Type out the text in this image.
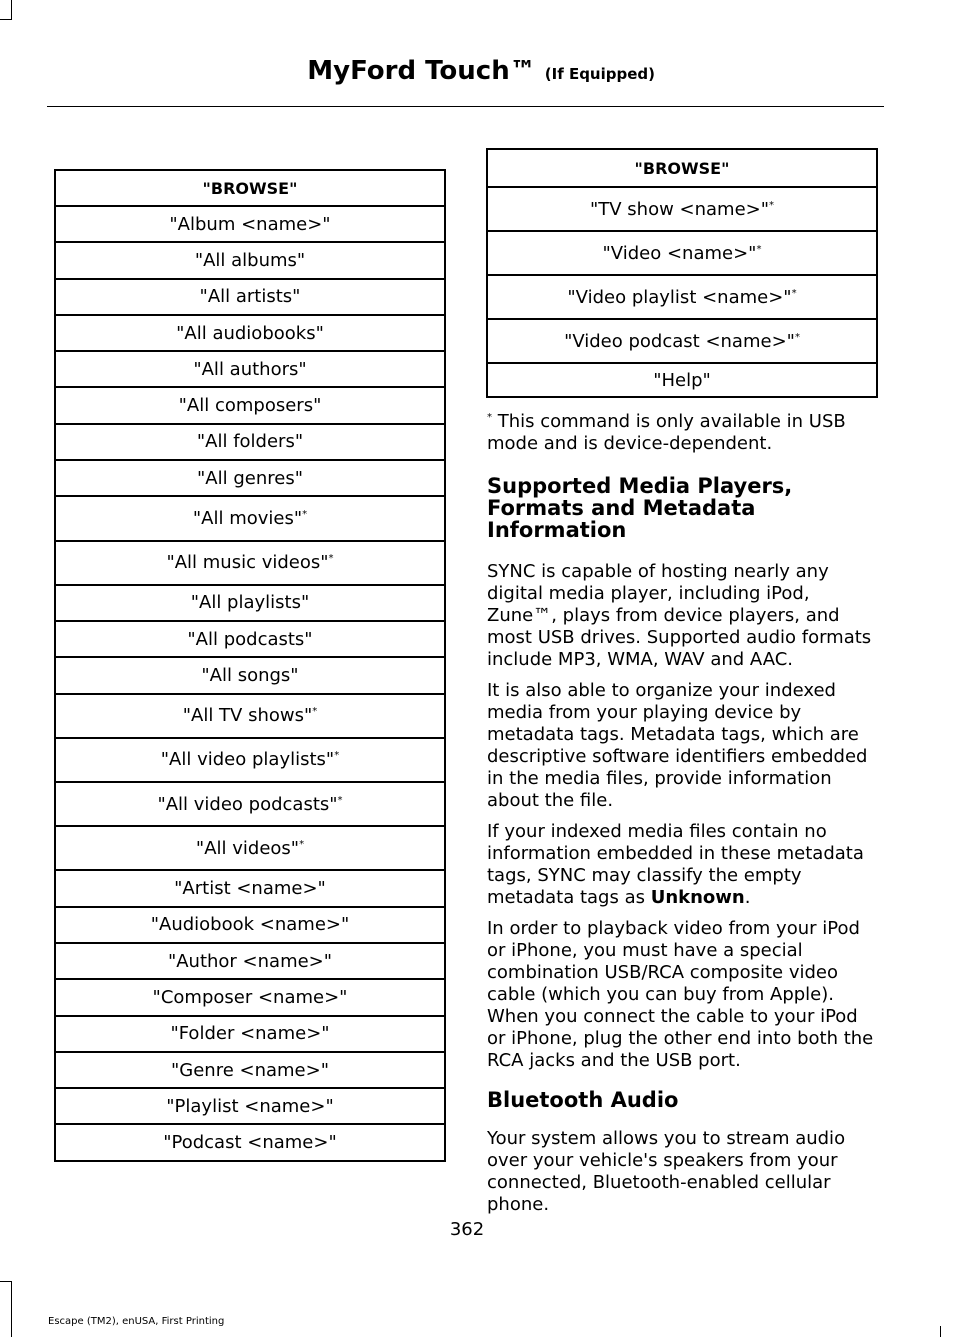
MyFord Touch™ (If Equipped)
"BROWSE"
"Album <name>"
"All albums"
"All artists"
"All audiobooks"
"All authors"
"All composers"
"All folders"
"All genres"
"All movies"*
"All music videos"*
"All playlists"
"All podcasts"
"All songs"
"All TV shows"*
"All video playlists"*
"All video podcasts"*
"All videos"*
"Artist <name>"
"Audiobook <name>"
"Author <name>"
"Composer <name>"
"Folder <name>"
"Genre <name>"
"Playlist <name>"
"Podcast <name>"
"BROWSE"
"TV show <name>"*
"Video <name>"*
"Video playlist <name>"*
"Video podcast <name>"*
"Help"

* This command is only available in USB mode and is device-dependent.

Supported Media Players, Formats and Metadata Information

SYNC is capable of hosting nearly any digital media player, including iPod, Zune™, plays from device players, and most USB drives. Supported audio formats include MP3, WMA, WAV and AAC.

It is also able to organize your indexed media from your playing device by metadata tags. Metadata tags, which are descriptive software identifiers embedded in the media files, provide information about the file.

If your indexed media files contain no information embedded in these metadata tags, SYNC may classify the empty metadata tags as Unknown.

In order to playback video from your iPod or iPhone, you must have a special combination USB/RCA composite video cable (which you can buy from Apple). When you connect the cable to your iPod or iPhone, plug the other end into both the RCA jacks and the USB port.

Bluetooth Audio

Your system allows you to stream audio over your vehicle's speakers from your connected, Bluetooth-enabled cellular phone.

362
Escape (TM2), enUSA, First Printing
